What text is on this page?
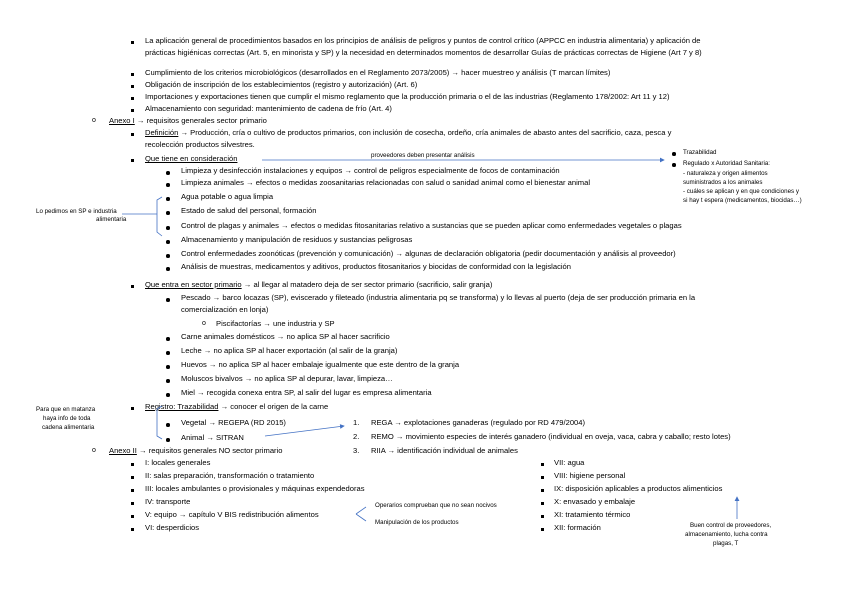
La aplicación general de procedimientos basados en los principios de análisis de peligros y puntos de control crítico (APPCC en industria alimentaria) y aplicación de
prácticas higiénicas correctas (Art. 5, en minorista y SP) y la necesidad en determinados momentos de desarrollar Guías de prácticas correctas de Higiene (Art 7 y 8)
Cumplimiento de los criterios microbiológicos (desarrollados en el Reglamento 2073/2005) → hacer muestreo y análisis (T marcan límites)
Obligación de inscripción de los establecimientos (registro y autorización) (Art. 6)
Importaciones y exportaciones tienen que cumplir el mismo reglamento que la producción primaria o el de las industrias (Reglamento 178/2002: Art 11 y 12)
Almacenamiento con seguridad: mantenimiento de cadena de frío (Art. 4)
o Anexo I → requisitos generales sector primario
Definición → Producción, cría o cultivo de productos primarios, con inclusión de cosecha, ordeño, cría animales de abasto antes del sacrificio, caza, pesca y
recolección productos silvestres.
Que tiene en consideración
Limpieza y desinfección instalaciones y equipos → control de peligros especialmente de focos de contaminación
Limpieza animales → efectos o medidas zoosanitarias relacionadas con salud o sanidad animal como el bienestar animal
Agua potable o agua limpia
Estado de salud del personal, formación
Control de plagas y animales → efectos o medidas fitosanitarias relativo a sustancias que se pueden aplicar como enfermedades vegetales o plagas
Almacenamiento y manipulación de residuos y sustancias peligrosas
Control enfermedades zoonóticas (prevención y comunicación) → algunas de declaración obligatoria (pedir documentación y análisis al proveedor)
Análisis de muestras, medicamentos y aditivos, productos fitosanitarios y biocidas de conformidad con la legislación
Que entra en sector primario → al llegar al matadero deja de ser sector primario (sacrificio, salir granja)
Pescado → barco locazas (SP), eviscerado y fileteado (industria alimentaria pq se transforma) y lo llevas al puerto (deja de ser producción primaria en la
comercialización en lonja)
o Piscifactorías → une industria y SP
Carne animales domésticos → no aplica SP al hacer sacrificio
Leche → no aplica SP al hacer exportación (al salir de la granja)
Huevos → no aplica SP al hacer embalaje igualmente que este dentro de la granja
Moluscos bivalvos → no aplica SP al depurar, lavar, limpieza…
Miel → recogida conexa entra SP, al salir del lugar es empresa alimentaria
Registro: Trazabilidad → conocer el origen de la carne
Vegetal → REGEPA (RD 2015)
Animal → SITRAN
1. REGA → explotaciones ganaderas (regulado por RD 479/2004)
2. REMO → movimiento especies de interés ganadero (individual en oveja, vaca, cabra y caballo; resto lotes)
3. RIIA → identificación individual de animales
o Anexo II → requisitos generales NO sector primario
I: locales generales
II: salas preparación, transformación o tratamiento
III: locales ambulantes o provisionales y máquinas expendedoras
IV: transporte
V: equipo → capítulo V BIS redistribución alimentos
VI: desperdicios
VII: agua
VIII: higiene personal
IX: disposición aplicables a productos alimenticios
X: envasado y embalaje
XI: tratamiento térmico
XII: formación
proveedores deben presentar análisis
Lo pedimos en SP e industria
alimentaria
Para que en matanza
haya info de toda
cadena alimentaria
Trazabilidad
Regulado x Autoridad Sanitaria:
- naturaleza y origen alimentos
suministrados a los animales
- cuáles se aplican y en que condiciones y
si hay t espera (medicamentos, biocidas…)
Operarios comprueban que no sean nocivos
Manipulación de los productos	Buen control de proveedores,
almacenamiento, lucha contra
plagas, T
